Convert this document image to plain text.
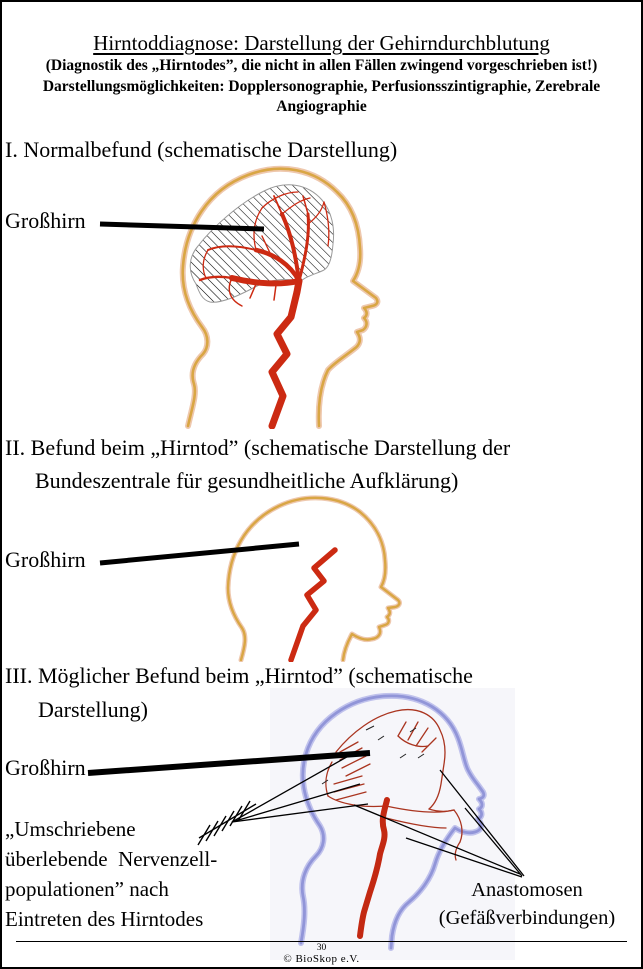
Hirntoddiagnose: Darstellung der Gehirndurchblutung
(Diagnostik des „Hirntodes”, die nicht in allen Fällen zwingend vorgeschrieben ist!)
Darstellungsmöglichkeiten: Dopplersonographie, Perfusionsszintigraphie, Zerebrale
Angiographie
I. Normalbefund (schematische Darstellung)
Großhirn
II. Befund beim „Hirntod” (schematische Darstellung der
Bundeszentrale für gesundheitliche Aufklärung)
Großhirn
III. Möglicher Befund beim „Hirntod” (schematische
Darstellung)
Großhirn
„Umschriebene
überlebende  Nervenzell-
populationen” nach
Eintreten des Hirntodes
Anastomosen
(Gefäßverbindungen)
30
© BioSkop e.V.
